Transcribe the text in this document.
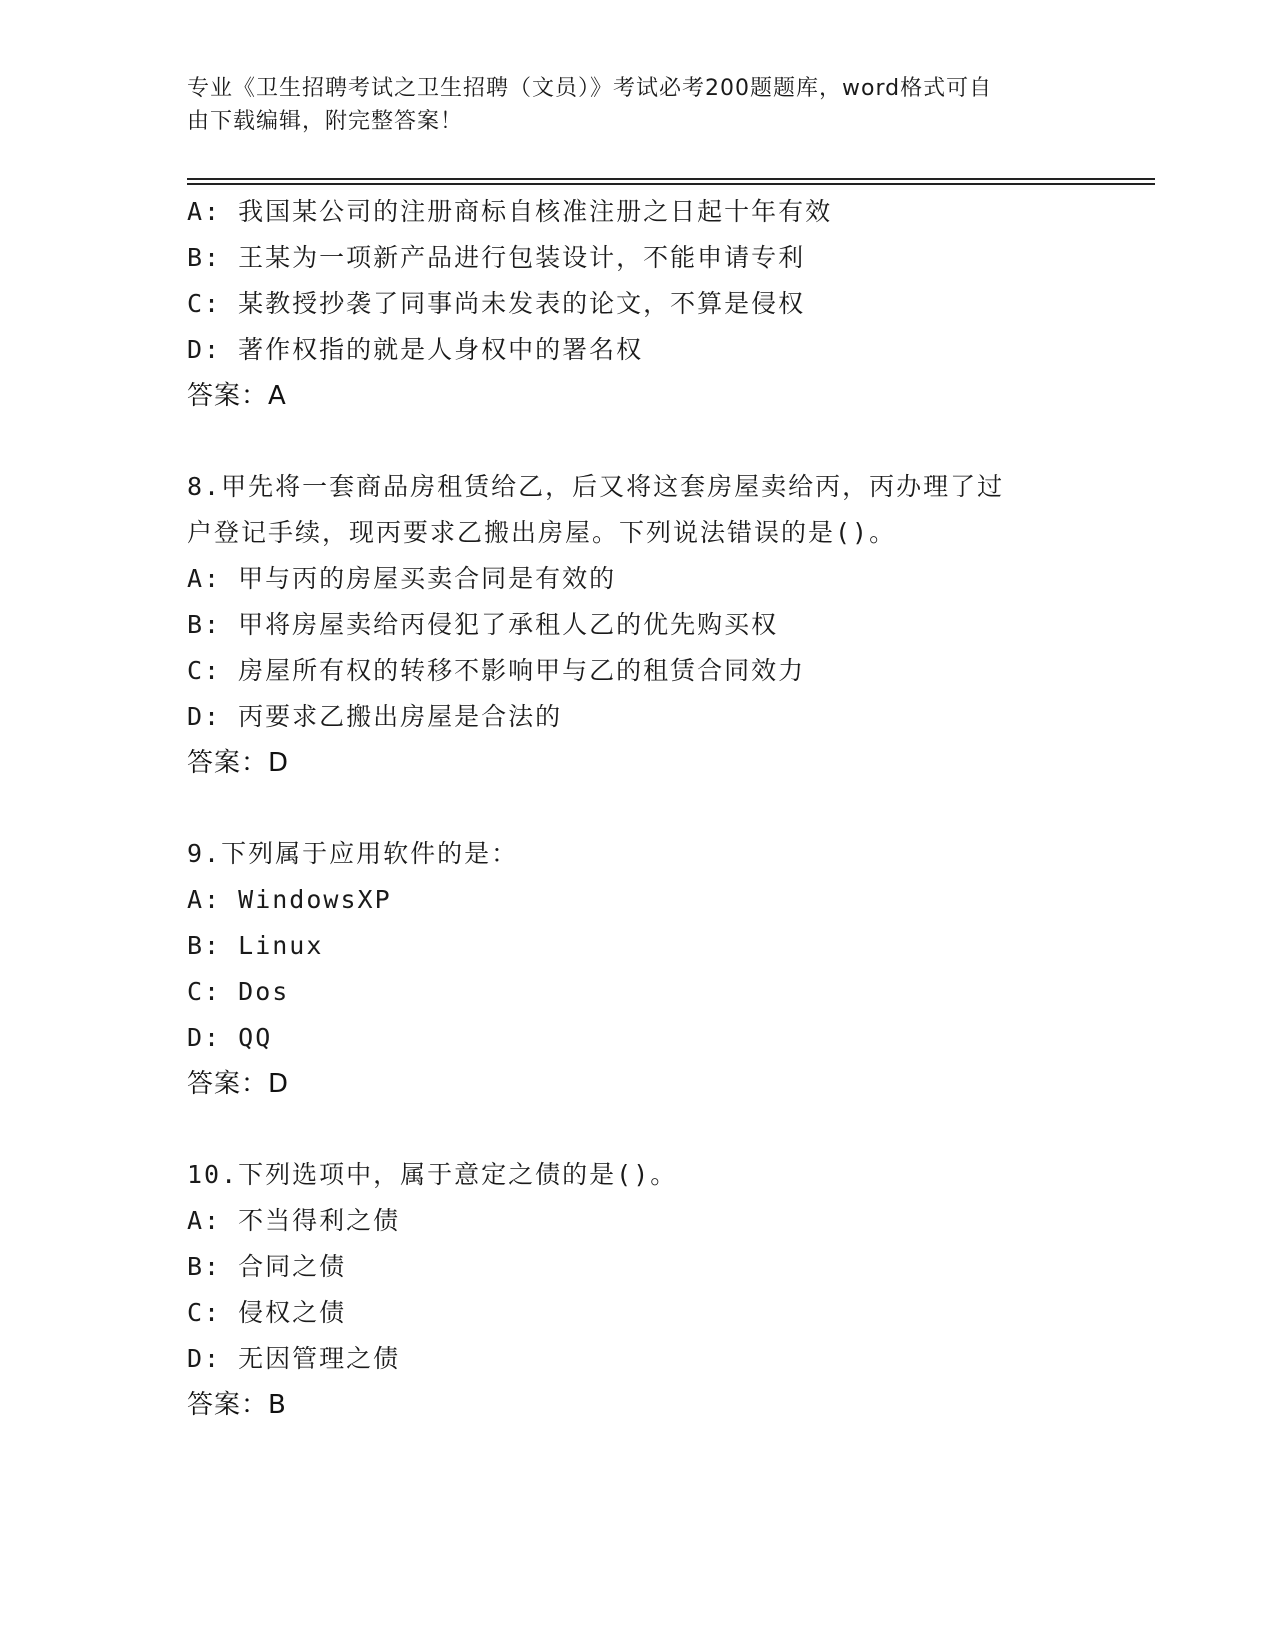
专业《卫生招聘考试之卫生招聘（文员）》考试必考200题题库，word格式可自
由下载编辑，附完整答案！
A: 我国某公司的注册商标自核准注册之日起十年有效
B: 王某为一项新产品进行包装设计，不能申请专利
C: 某教授抄袭了同事尚未发表的论文，不算是侵权
D: 著作权指的就是人身权中的署名权
答案：A
8.甲先将一套商品房租赁给乙，后又将这套房屋卖给丙，丙办理了过
户登记手续，现丙要求乙搬出房屋。下列说法错误的是()。
A: 甲与丙的房屋买卖合同是有效的
B: 甲将房屋卖给丙侵犯了承租人乙的优先购买权
C: 房屋所有权的转移不影响甲与乙的租赁合同效力
D: 丙要求乙搬出房屋是合法的
答案：D
9.下列属于应用软件的是：
A: WindowsXP
B: Linux
C: Dos
D: QQ
答案：D
10.下列选项中，属于意定之债的是()。
A: 不当得利之债
B: 合同之债
C: 侵权之债
D: 无因管理之债
答案：B
